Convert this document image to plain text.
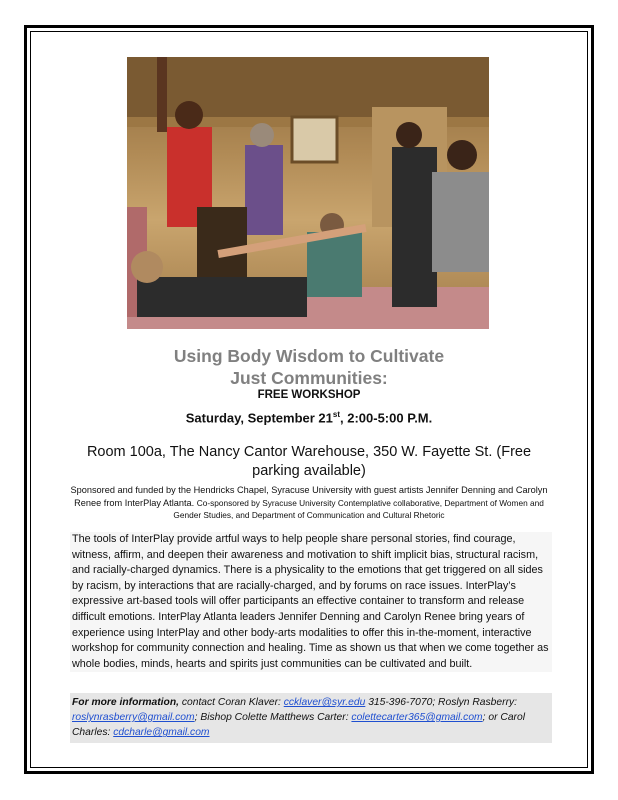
Using Body Wisdom to Cultivate
Just Communities:
FREE WORKSHOP
Saturday, September 21st, 2:00-5:00 P.M.
Room 100a, The Nancy Cantor Warehouse, 350 W. Fayette St. (Free parking available)
Sponsored and funded by the Hendricks Chapel, Syracuse University with guest artists Jennifer Denning and Carolyn Renee from InterPlay Atlanta. Co-sponsored by Syracuse University Contemplative collaborative, Department of Women and Gender Studies, and Department of Communication and Cultural Rhetoric
The tools of InterPlay provide artful ways to help people share personal stories, find courage, witness, affirm, and deepen their awareness and motivation to shift implicit bias, structural racism, and racially-charged dynamics. There is a physicality to the emotions that get triggered on all sides by racism, by interactions that are racially-charged, and by forums on race issues. InterPlay’s expressive art-based tools will offer participants an effective container to transform and release difficult emotions. InterPlay Atlanta leaders Jennifer Denning and Carolyn Renee bring years of experience using InterPlay and other body-arts modalities to offer this in-the-moment, interactive workshop for community connection and healing. Time as shown us that when we come together as whole bodies, minds, hearts and spirits just communities can be cultivated and built.
For more information, contact Coran Klaver: ccklaver@syr.edu 315-396-7070; Roslyn Rasberry: roslynrasberry@gmail.com; Bishop Colette Matthews Carter: colettecarter365@gmail.com; or Carol Charles: cdcharle@gmail.com
